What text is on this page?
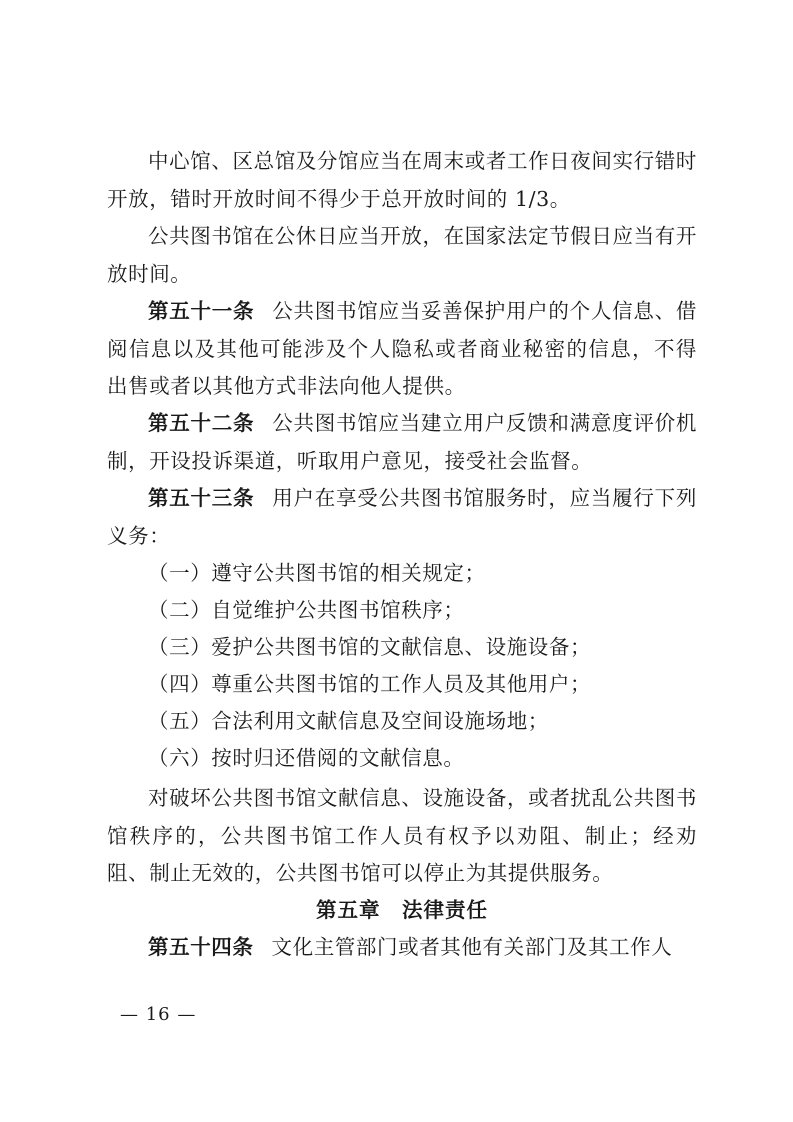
中心馆、区总馆及分馆应当在周末或者工作日夜间实行错时开放，错时开放时间不得少于总开放时间的 1/3。

公共图书馆在公休日应当开放，在国家法定节假日应当有开放时间。

第五十一条 公共图书馆应当妥善保护用户的个人信息、借阅信息以及其他可能涉及个人隐私或者商业秘密的信息，不得出售或者以其他方式非法向他人提供。

第五十二条 公共图书馆应当建立用户反馈和满意度评价机制，开设投诉渠道，听取用户意见，接受社会监督。

第五十三条 用户在享受公共图书馆服务时，应当履行下列义务：

（一）遵守公共图书馆的相关规定；

（二）自觉维护公共图书馆秩序；

（三）爱护公共图书馆的文献信息、设施设备；

（四）尊重公共图书馆的工作人员及其他用户；

（五）合法利用文献信息及空间设施场地；

（六）按时归还借阅的文献信息。

对破坏公共图书馆文献信息、设施设备，或者扰乱公共图书馆秩序的，公共图书馆工作人员有权予以劝阻、制止；经劝阻、制止无效的，公共图书馆可以停止为其提供服务。

第五章　法律责任

第五十四条 文化主管部门或者其他有关部门及其工作人

— 16 —
